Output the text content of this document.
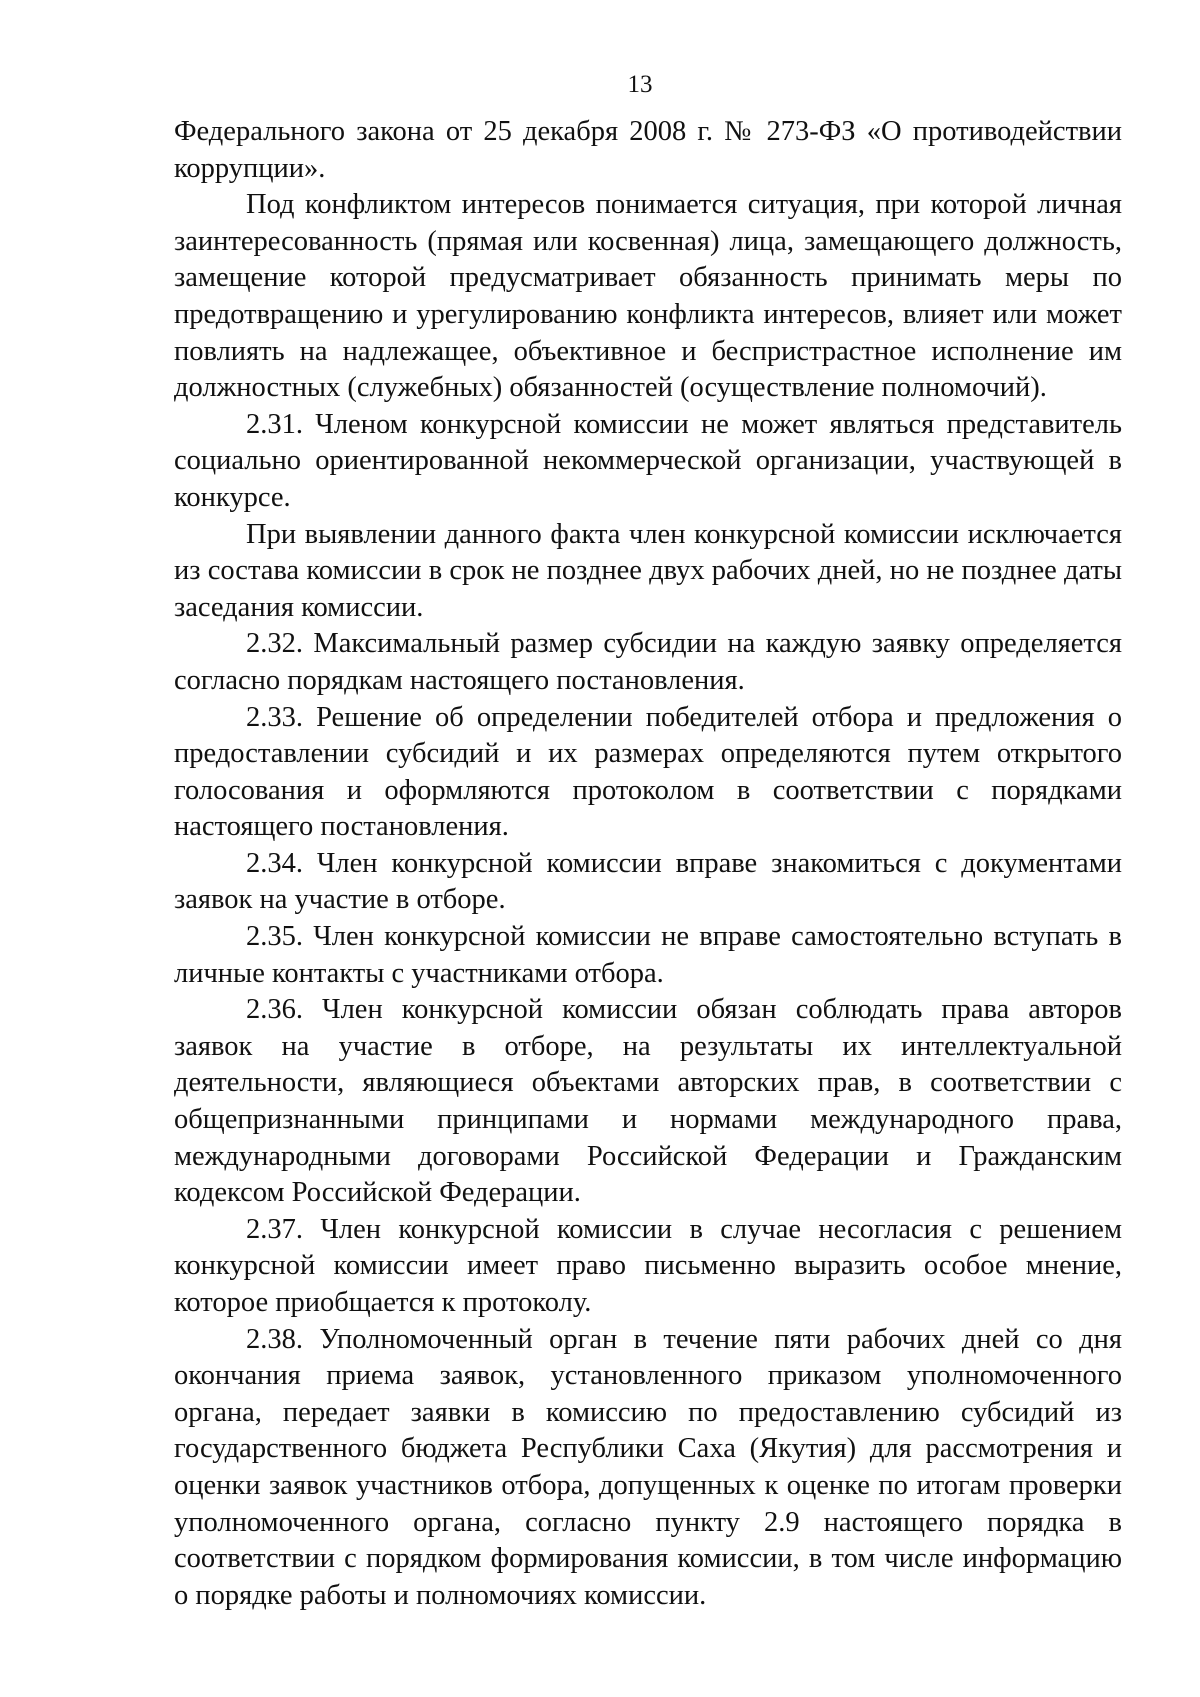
13

Федерального закона от 25 декабря 2008 г. № 273-ФЗ «О противодействии коррупции».

Под конфликтом интересов понимается ситуация, при которой личная заинтересованность (прямая или косвенная) лица, замещающего должность, замещение которой предусматривает обязанность принимать меры по предотвращению и урегулированию конфликта интересов, влияет или может повлиять на надлежащее, объективное и беспристрастное исполнение им должностных (служебных) обязанностей (осуществление полномочий).

2.31. Членом конкурсной комиссии не может являться представитель социально ориентированной некоммерческой организации, участвующей в конкурсе.

При выявлении данного факта член конкурсной комиссии исключается из состава комиссии в срок не позднее двух рабочих дней, но не позднее даты заседания комиссии.

2.32. Максимальный размер субсидии на каждую заявку определяется согласно порядкам настоящего постановления.

2.33. Решение об определении победителей отбора и предложения о предоставлении субсидий и их размерах определяются путем открытого голосования и оформляются протоколом в соответствии с порядками настоящего постановления.

2.34. Член конкурсной комиссии вправе знакомиться с документами заявок на участие в отборе.

2.35. Член конкурсной комиссии не вправе самостоятельно вступать в личные контакты с участниками отбора.

2.36. Член конкурсной комиссии обязан соблюдать права авторов заявок на участие в отборе, на результаты их интеллектуальной деятельности, являющиеся объектами авторских прав, в соответствии с общепризнанными принципами и нормами международного права, международными договорами Российской Федерации и Гражданским кодексом Российской Федерации.

2.37. Член конкурсной комиссии в случае несогласия с решением конкурсной комиссии имеет право письменно выразить особое мнение, которое приобщается к протоколу.

2.38. Уполномоченный орган в течение пяти рабочих дней со дня окончания приема заявок, установленного приказом уполномоченного органа, передает заявки в комиссию по предоставлению субсидий из государственного бюджета Республики Саха (Якутия) для рассмотрения и оценки заявок участников отбора, допущенных к оценке по итогам проверки уполномоченного органа, согласно пункту 2.9 настоящего порядка в соответствии с порядком формирования комиссии, в том числе информацию о порядке работы и полномочиях комиссии.
